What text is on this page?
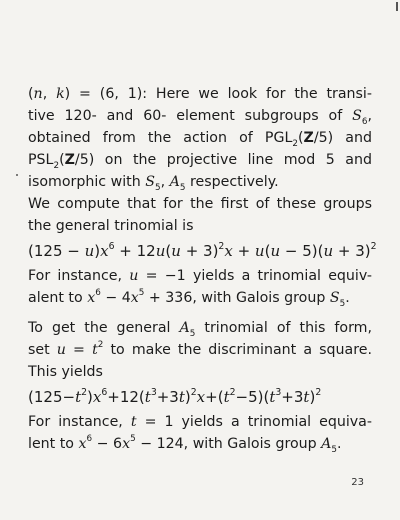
(n, k) = (6, 1): Here we look for the transi-
tive 120- and 60- element subgroups of $S_6$,
obtained from the action of $PGL_2(Z/5)$ and
$PSL_2(Z/5)$ on the projective line mod 5 and
isomorphic with $S_5$, $A_5$ respectively.
We compute that for the first of these groups
the general trinomial is
$(125 - u)x^6 + 12u(u + 3)^2x + u(u - 5)(u + 3)^2$
For instance, u = −1 yields a trinomial equiv-
alent to $x^6 - 4x^5 + 336$, with Galois group $S_5$.
To get the general $A_5$ trinomial of this form,
set $u = t^2$ to make the discriminant a square.
This yields
$(125-t^2)x^6+12(t^3+3t)^2x+(t^2-5)(t^3+3t)^2$
For instance, t = 1 yields a trinomial equiva-
lent to $x^6 - 6x^5 - 124$, with Galois group $A_5$.
23
